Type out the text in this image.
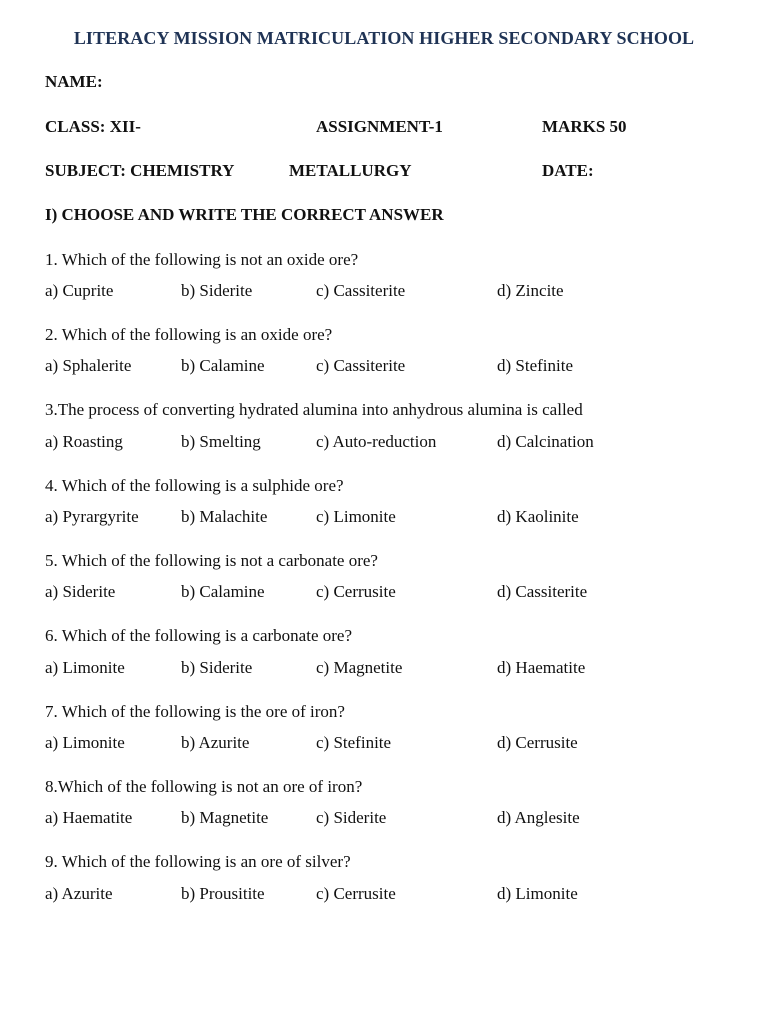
LITERACY MISSION MATRICULATION HIGHER SECONDARY SCHOOL
NAME:
CLASS: XII-	ASSIGNMENT-1	MARKS 50
SUBJECT: CHEMISTRY	METALLURGY	DATE:
I) CHOOSE AND WRITE THE CORRECT ANSWER
1. Which of the following is not an oxide ore?
a) Cuprite	b) Siderite	c) Cassiterite	d) Zincite
2. Which of the following is an oxide ore?
a) Sphalerite	b) Calamine	c) Cassiterite	d) Stefinite
3.The process of converting hydrated alumina into anhydrous alumina is called
a) Roasting	b) Smelting	c) Auto-reduction	d) Calcination
4. Which of the following is a sulphide ore?
a) Pyrargyrite b) Malachite	c) Limonite	d) Kaolinite
5. Which of the following is not a carbonate ore?
a) Siderite	b) Calamine	c) Cerrusite	d) Cassiterite
6. Which of the following is a carbonate ore?
a) Limonite	b) Siderite	c) Magnetite	d) Haematite
7. Which of the following is the ore of iron?
a) Limonite	b) Azurite	c) Stefinite	d) Cerrusite
8.Which of the following is not an ore of iron?
a) Haematite	b) Magnetite	c) Siderite	d) Anglesite
9. Which of the following is an ore of silver?
a) Azurite	b) Prousitite	c) Cerrusite	d) Limonite
